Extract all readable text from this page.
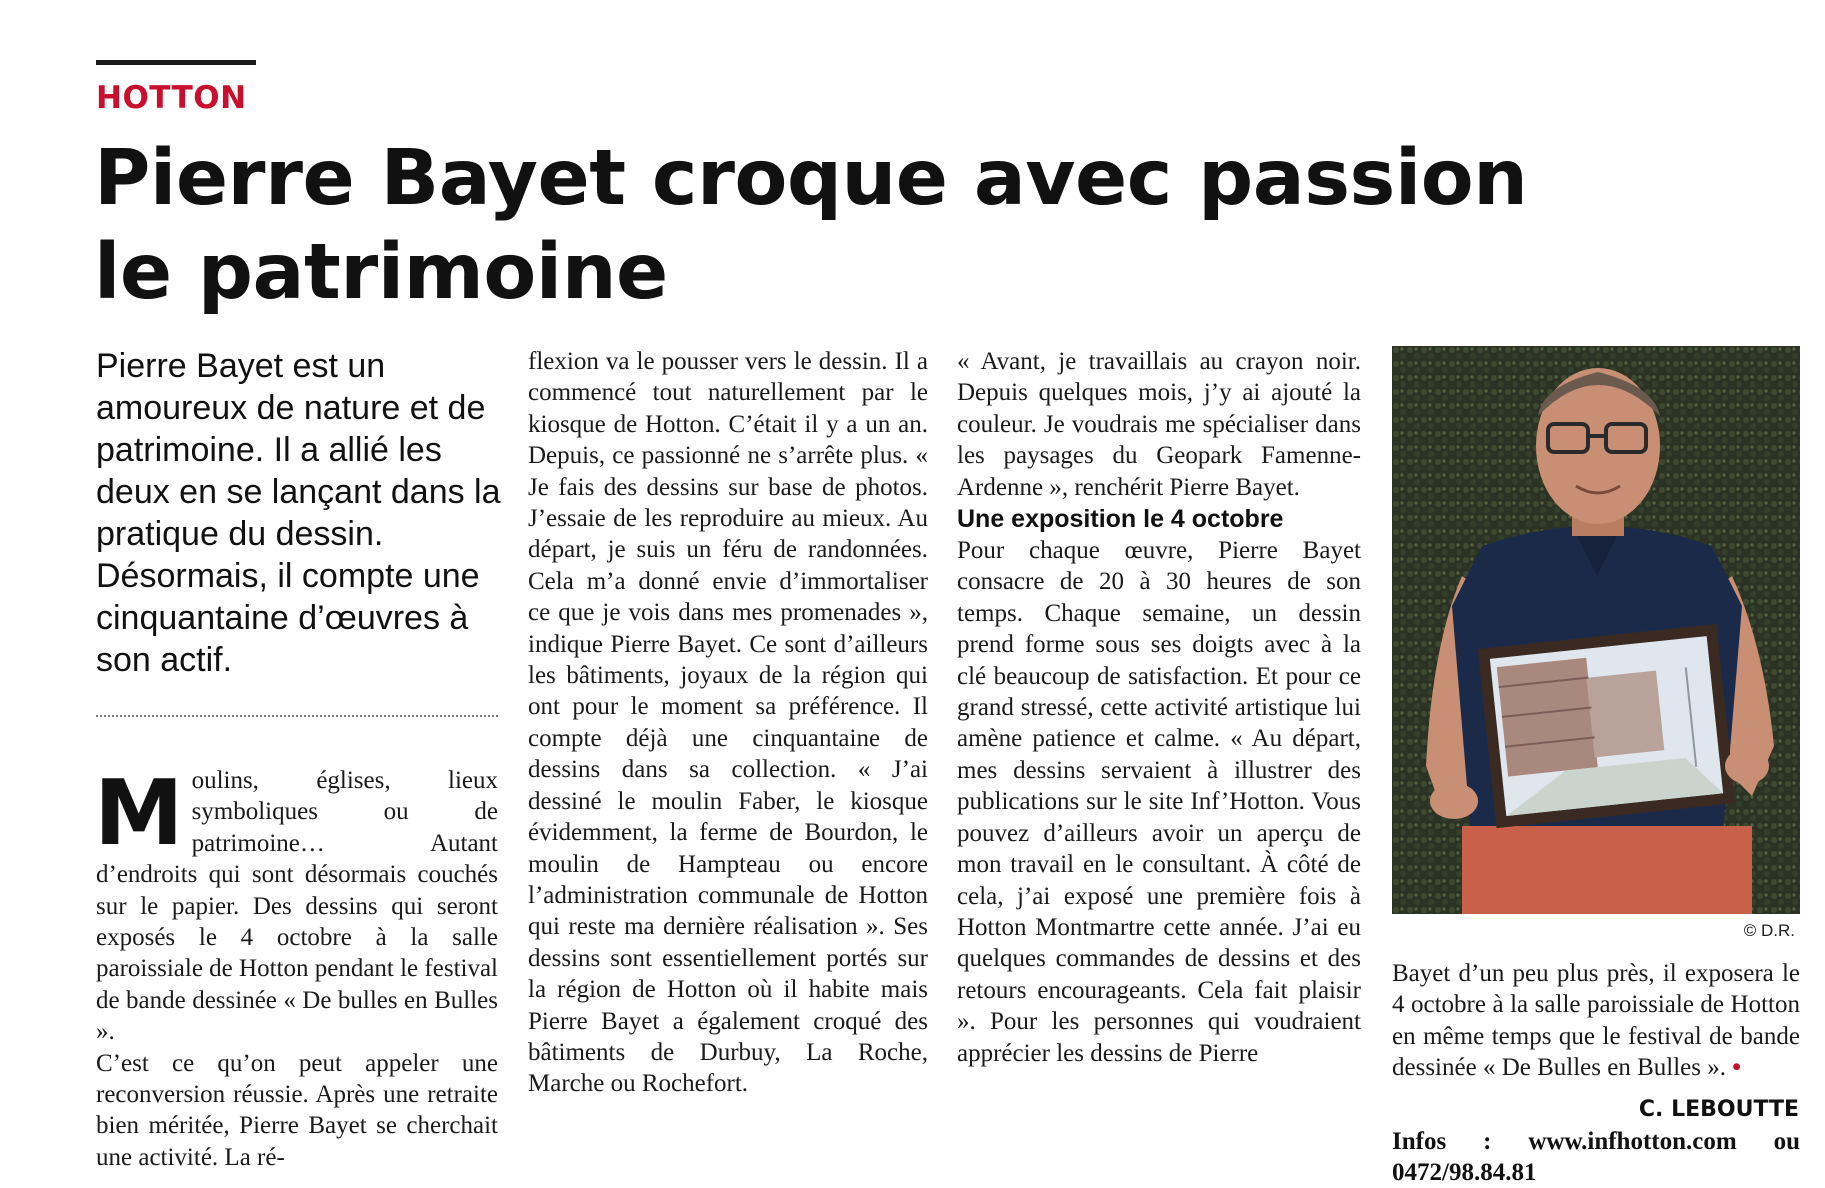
HOTTON
Pierre Bayet croque avec passion
le patrimoine

Pierre Bayet est un amoureux de nature et de patrimoine. Il a allié les deux en se lançant dans la pratique du dessin. Désormais, il compte une cinquantaine d’œuvres à son actif.

Moulins, églises, lieux symboliques ou de patrimoine… Autant d’endroits qui sont désormais couchés sur le papier. Des dessins qui seront exposés le 4 octobre à la salle paroissiale de Hotton pendant le festival de bande dessinée « De bulles en Bulles ».

C’est ce qu’on peut appeler une reconversion réussie. Après une retraite bien méritée, Pierre Bayet se cherchait une activité. La ré-

flexion va le pousser vers le dessin. Il a commencé tout naturellement par le kiosque de Hotton. C’était il y a un an. Depuis, ce passionné ne s’arrête plus. « Je fais des dessins sur base de photos. J’essaie de les reproduire au mieux. Au départ, je suis un féru de randonnées. Cela m’a donné envie d’immortaliser ce que je vois dans mes promenades », indique Pierre Bayet. Ce sont d’ailleurs les bâtiments, joyaux de la région qui ont pour le moment sa préférence. Il compte déjà une cinquantaine de dessins dans sa collection. « J’ai dessiné le moulin Faber, le kiosque évidemment, la ferme de Bourdon, le moulin de Hampteau ou encore l’administration communale de Hotton qui reste ma dernière réalisation ». Ses dessins sont essentiellement portés sur la région de Hotton où il habite mais Pierre Bayet a également croqué des bâtiments de Durbuy, La Roche, Marche ou Rochefort.

« Avant, je travaillais au crayon noir. Depuis quelques mois, j’y ai ajouté la couleur. Je voudrais me spécialiser dans les paysages du Geopark Famenne-Ardenne », renchérit Pierre Bayet.

Une exposition le 4 octobre

Pour chaque œuvre, Pierre Bayet consacre de 20 à 30 heures de son temps. Chaque semaine, un dessin prend forme sous ses doigts avec à la clé beaucoup de satisfaction. Et pour ce grand stressé, cette activité artistique lui amène patience et calme. « Au départ, mes dessins servaient à illustrer des publications sur le site Inf’Hotton. Vous pouvez d’ailleurs avoir un aperçu de mon travail en le consultant. À côté de cela, j’ai exposé une première fois à Hotton Montmartre cette année. J’ai eu quelques commandes de dessins et des retours encourageants. Cela fait plaisir ». Pour les personnes qui voudraient apprécier les dessins de Pierre

© D.R.

Bayet d’un peu plus près, il exposera le 4 octobre à la salle paroissiale de Hotton en même temps que le festival de bande dessinée « De Bulles en Bulles ». •

C. LEBOUTTE
Infos : www.infhotton.com ou 0472/98.84.81
